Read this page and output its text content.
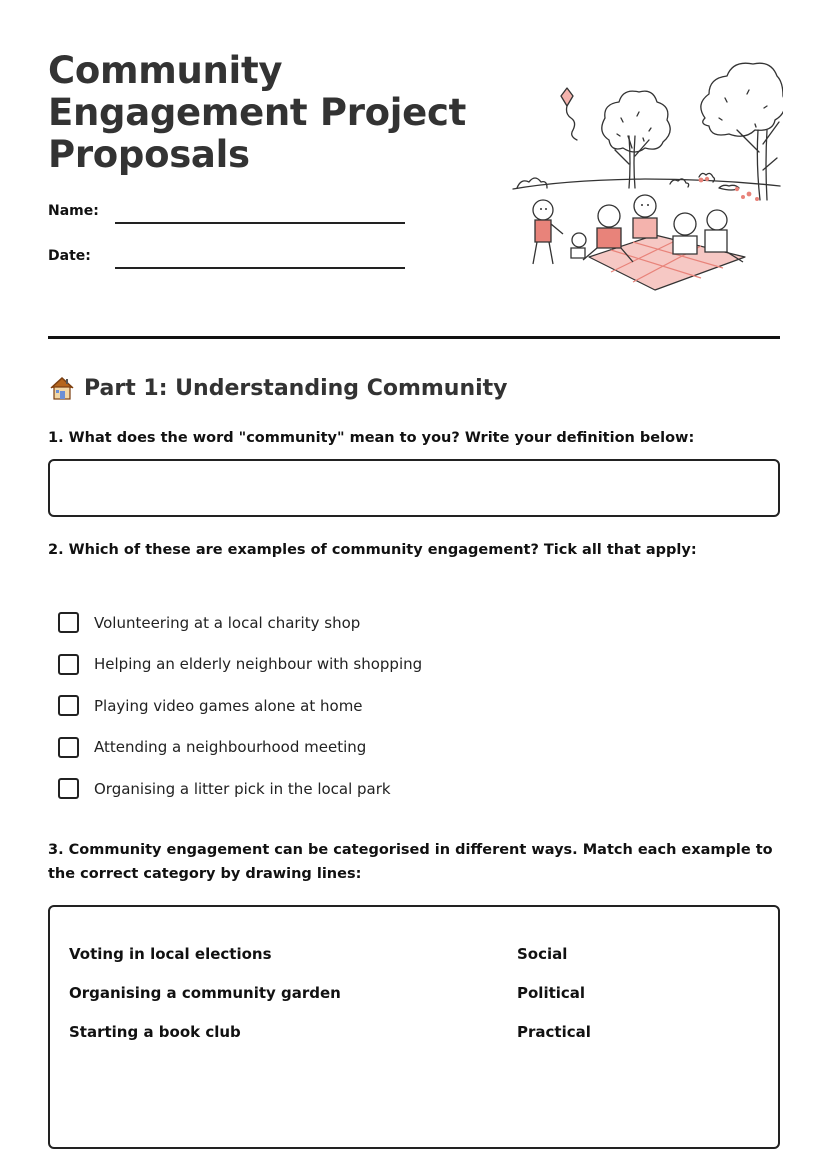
Community
Engagement Project
Proposals
Name:
Date:
Part 1: Understanding Community
1. What does the word "community" mean to you? Write your definition below:
2. Which of these are examples of community engagement? Tick all that apply:
Volunteering at a local charity shop
Helping an elderly neighbour with shopping
Playing video games alone at home
Attending a neighbourhood meeting
Organising a litter pick in the local park
3. Community engagement can be categorised in different ways. Match each example to the correct category by drawing lines:
Voting in local elections
Organising a community garden
Starting a book club
Social
Political
Practical
